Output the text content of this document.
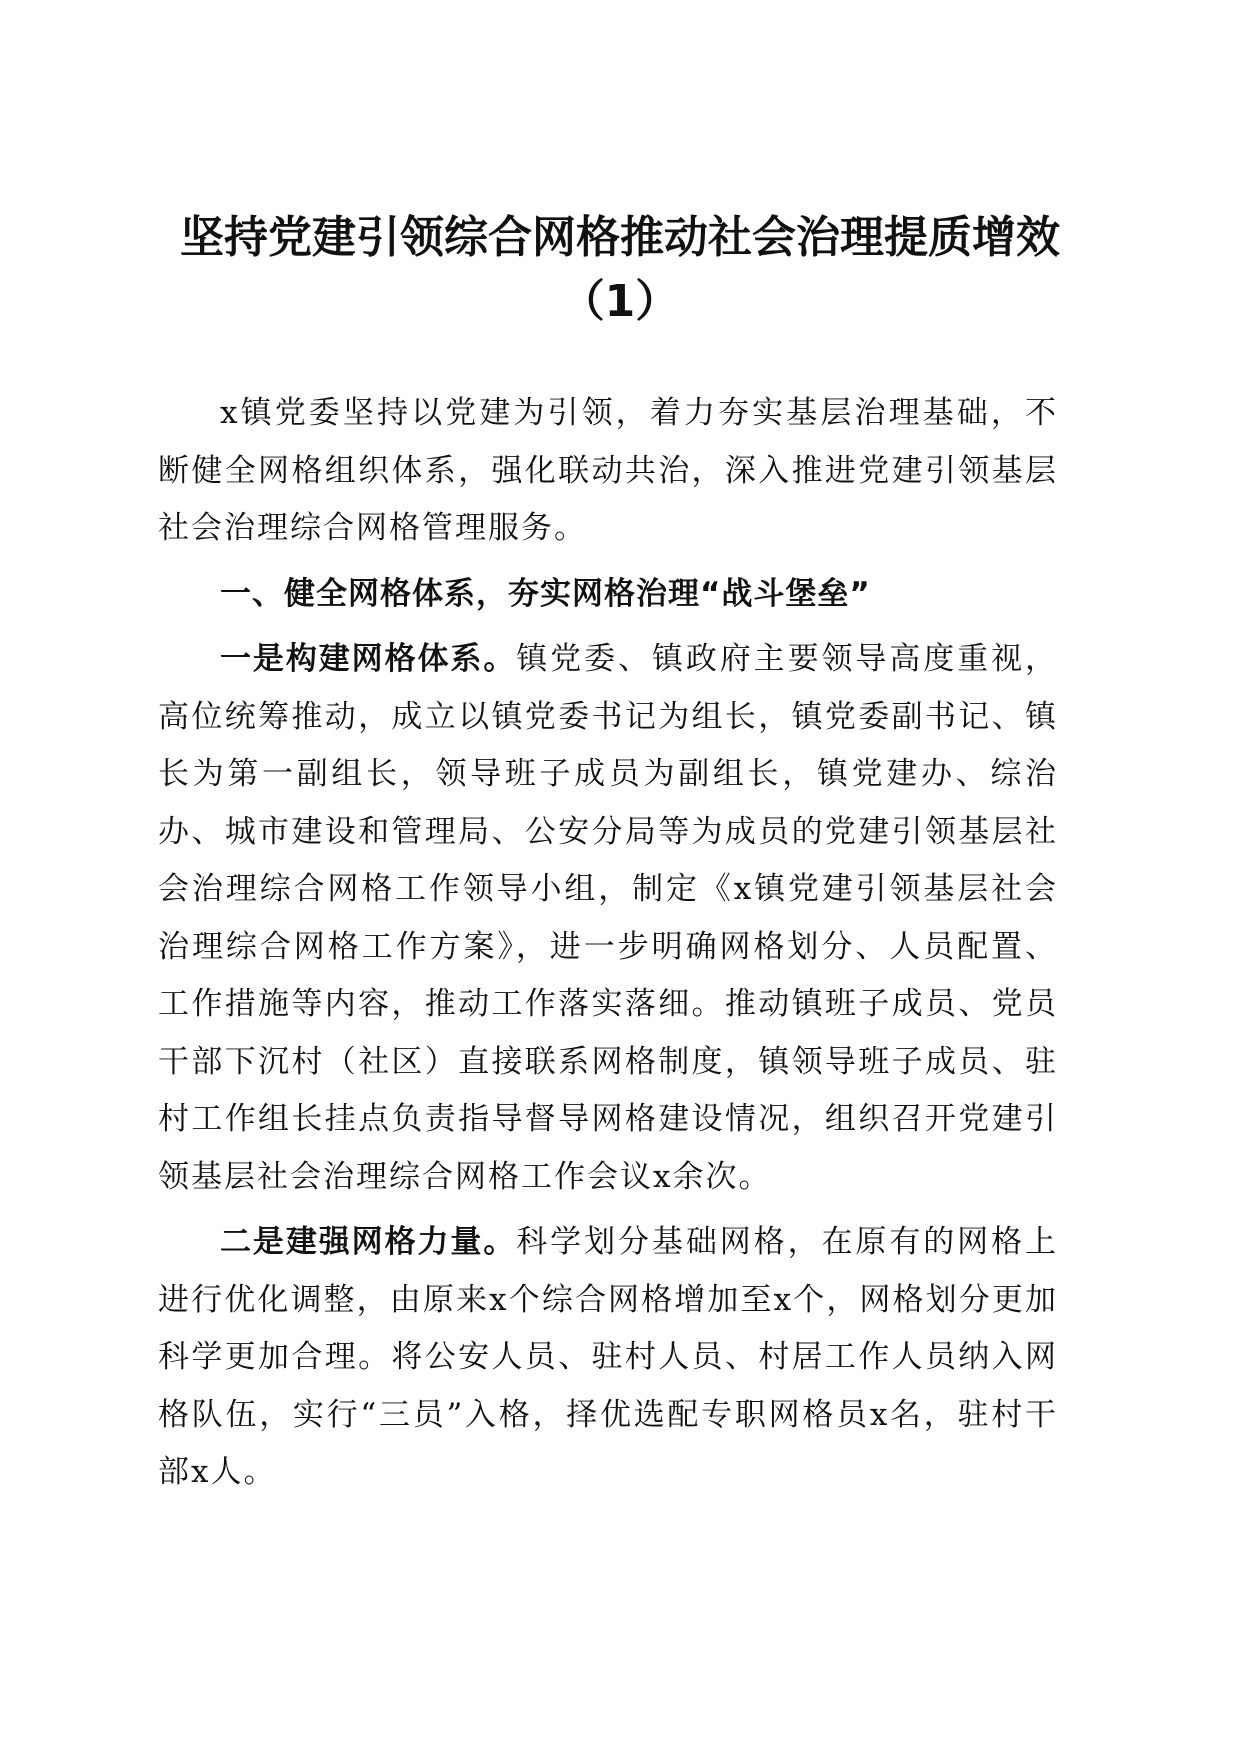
坚持党建引领综合网格推动社会治理提质增效
（1）

x镇党委坚持以党建为引领，着力夯实基层治理基础，不断健全网格组织体系，强化联动共治，深入推进党建引领基层社会治理综合网格管理服务。

一、健全网格体系，夯实网格治理“战斗堡垒”

一是构建网格体系。镇党委、镇政府主要领导高度重视，高位统筹推动，成立以镇党委书记为组长，镇党委副书记、镇长为第一副组长，领导班子成员为副组长，镇党建办、综治办、城市建设和管理局、公安分局等为成员的党建引领基层社会治理综合网格工作领导小组，制定《x镇党建引领基层社会治理综合网格工作方案》，进一步明确网格划分、人员配置、工作措施等内容，推动工作落实落细。推动镇班子成员、党员干部下沉村（社区）直接联系网格制度，镇领导班子成员、驻村工作组长挂点负责指导督导网格建设情况，组织召开党建引领基层社会治理综合网格工作会议x余次。

二是建强网格力量。科学划分基础网格，在原有的网格上进行优化调整，由原来x个综合网格增加至x个，网格划分更加科学更加合理。将公安人员、驻村人员、村居工作人员纳入网格队伍，实行“三员”入格，择优选配专职网格员x名，驻村干部x人。
